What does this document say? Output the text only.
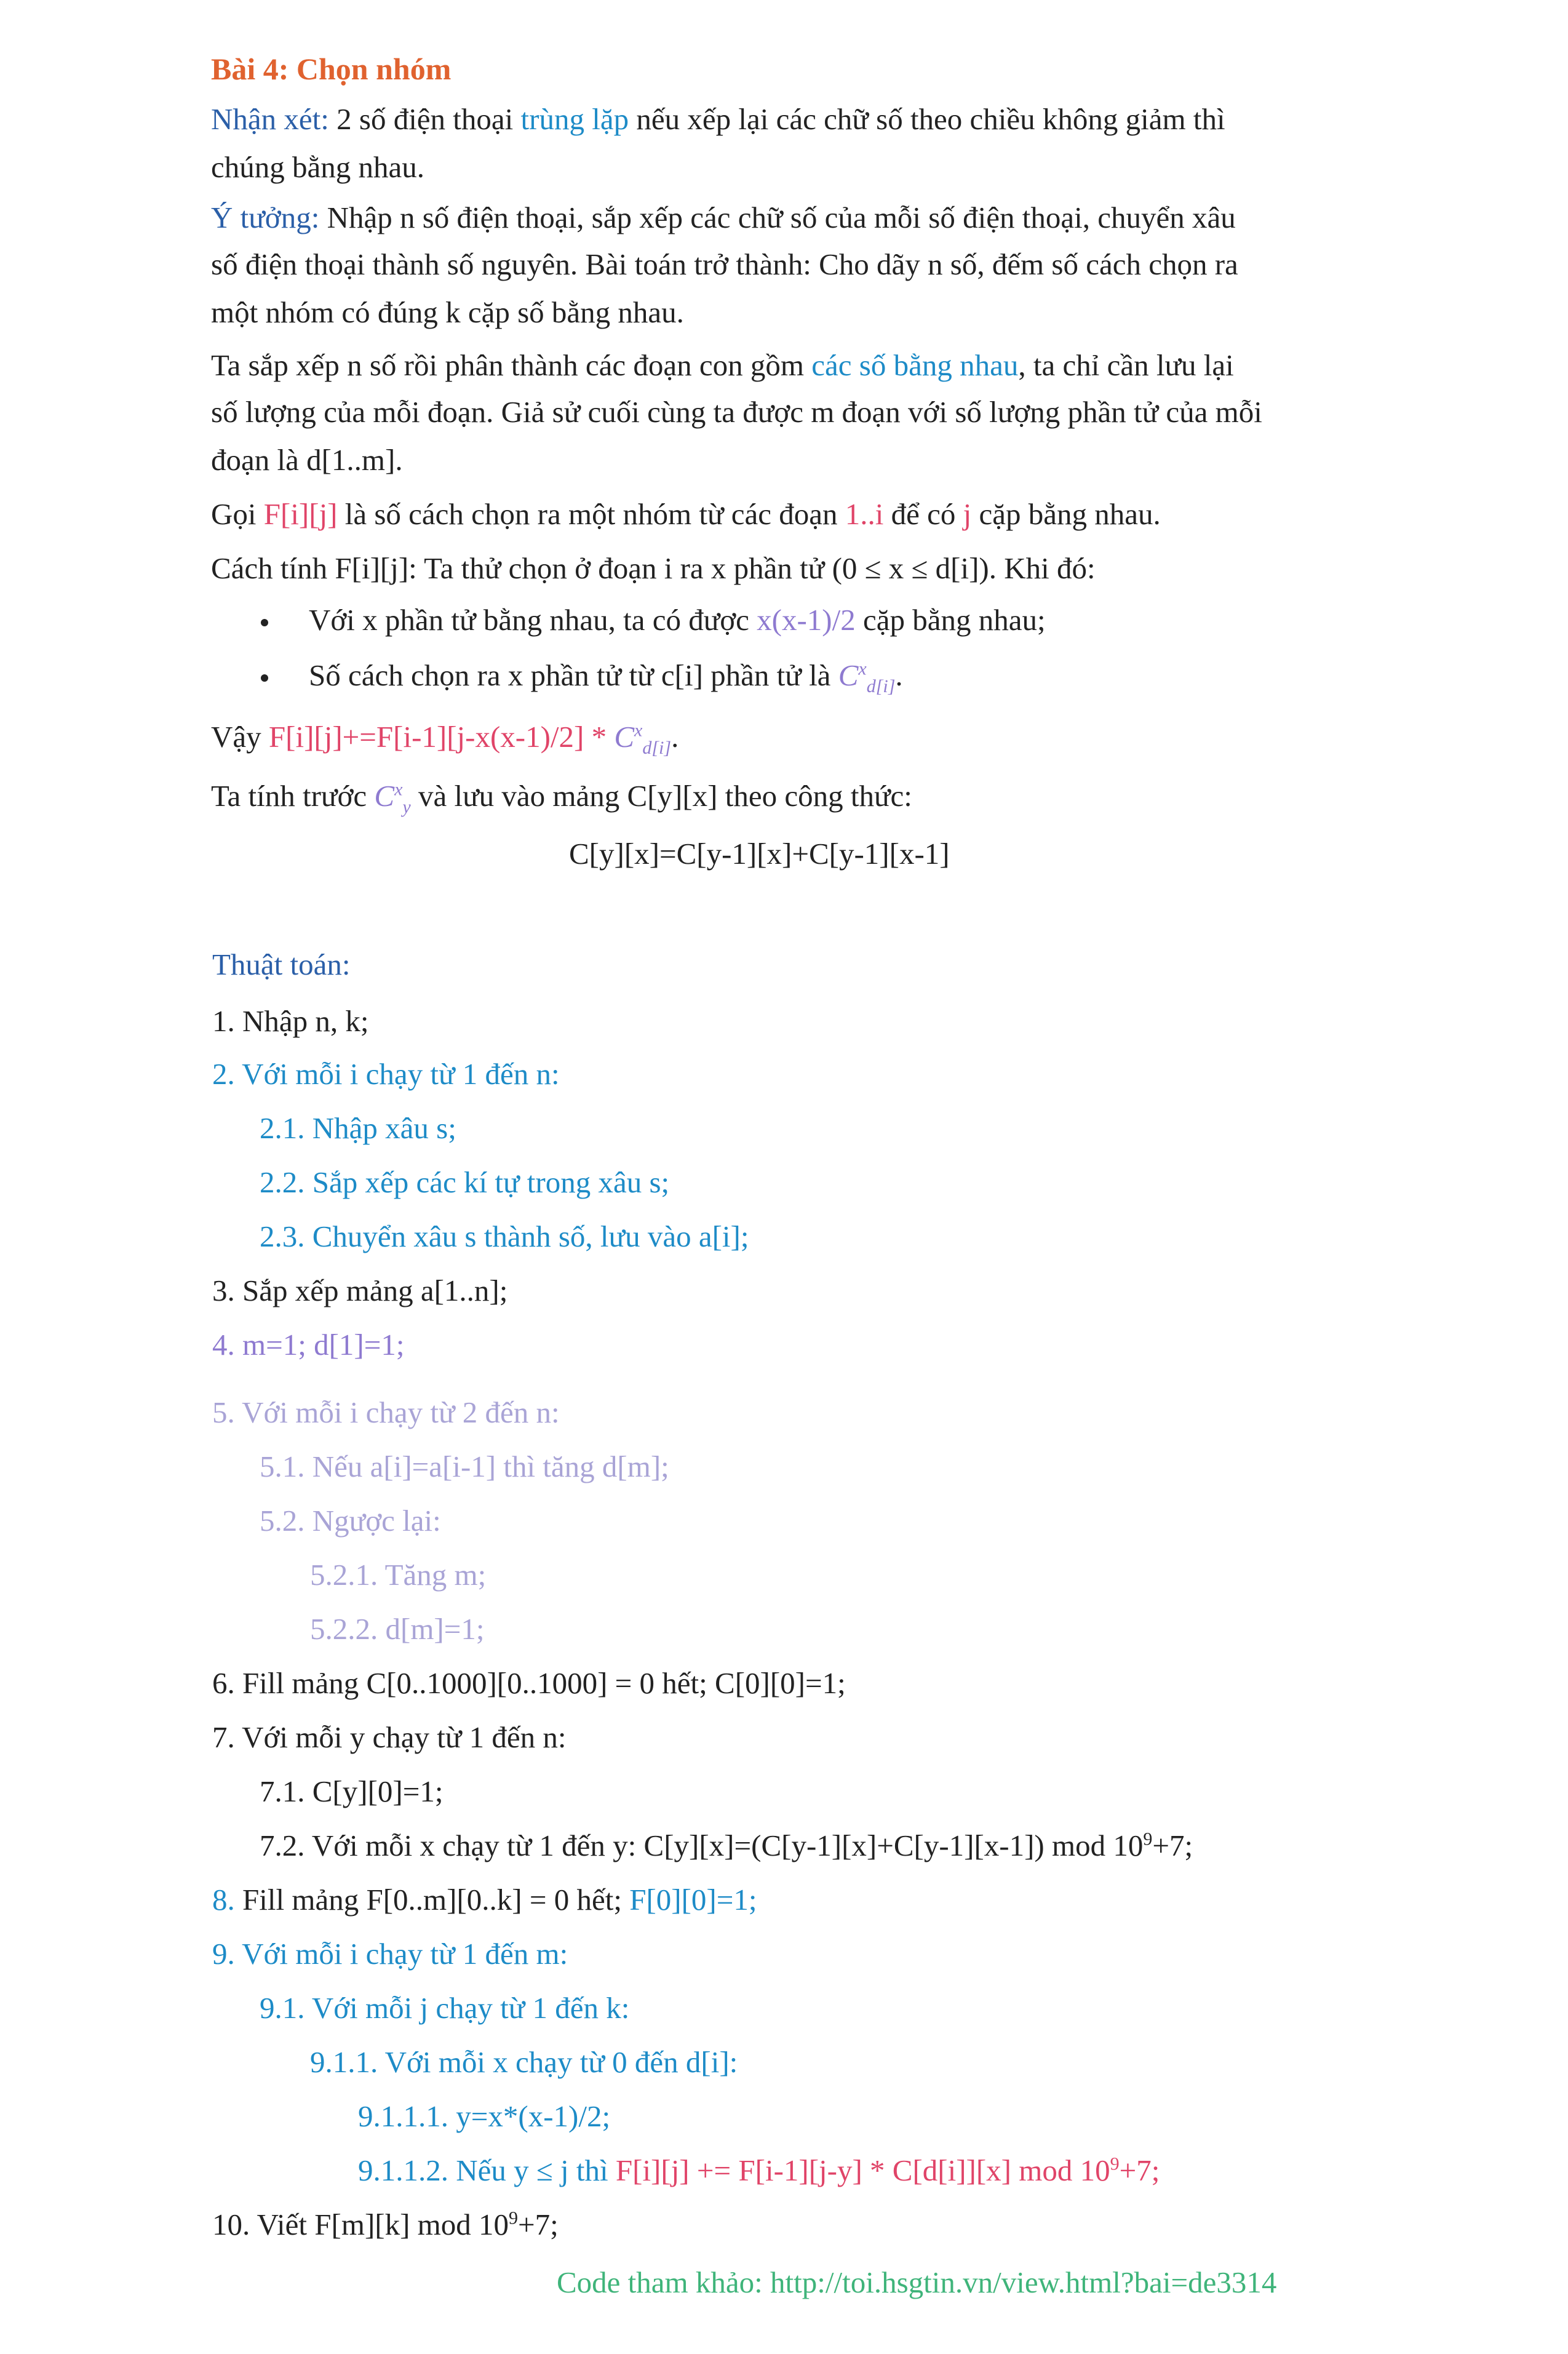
Bài 4: Chọn nhóm
Nhận xét: 2 số điện thoại trùng lặp nếu xếp lại các chữ số theo chiều không giảm thì
chúng bằng nhau.
Ý tưởng: Nhập n số điện thoại, sắp xếp các chữ số của mỗi số điện thoại, chuyển xâu
số điện thoại thành số nguyên. Bài toán trở thành: Cho dãy n số, đếm số cách chọn ra
một nhóm có đúng k cặp số bằng nhau.
Ta sắp xếp n số rồi phân thành các đoạn con gồm các số bằng nhau, ta chỉ cần lưu lại
số lượng của mỗi đoạn. Giả sử cuối cùng ta được m đoạn với số lượng phần tử của mỗi
đoạn là d[1..m].
Gọi F[i][j] là số cách chọn ra một nhóm từ các đoạn 1..i để có j cặp bằng nhau.
Cách tính F[i][j]: Ta thử chọn ở đoạn i ra x phần tử (0 ≤ x ≤ d[i]). Khi đó:
Với x phần tử bằng nhau, ta có được x(x-1)/2 cặp bằng nhau;
Số cách chọn ra x phần tử từ c[i] phần tử là $C^x_{d[i]}$.
Vậy $F[i][j]+=F[i-1][j-x(x-1)/2] * C^x_{d[i]}$.
Ta tính trước $C^x_y$ và lưu vào mảng C[y][x] theo công thức:
C[y][x]=C[y-1][x]+C[y-1][x-1]
Thuật toán:
1. Nhập n, k;
2. Với mỗi i chạy từ 1 đến n:
2.1. Nhập xâu s;
2.2. Sắp xếp các kí tự trong xâu s;
2.3. Chuyển xâu s thành số, lưu vào a[i];
3. Sắp xếp mảng a[1..n];
4. m=1; d[1]=1;
5. Với mỗi i chạy từ 2 đến n:
5.1. Nếu a[i]=a[i-1] thì tăng d[m];
5.2. Ngược lại:
5.2.1. Tăng m;
5.2.2. d[m]=1;
6. Fill mảng C[0..1000][0..1000] = 0 hết; C[0][0]=1;
7. Với mỗi y chạy từ 1 đến n:
7.1. C[y][0]=1;
7.2. Với mỗi x chạy từ 1 đến y: C[y][x]=(C[y-1][x]+C[y-1][x-1]) mod $10^9+7$;
8. Fill mảng F[0..m][0..k] = 0 hết; F[0][0]=1;
9. Với mỗi i chạy từ 1 đến m:
9.1. Với mỗi j chạy từ 1 đến k:
9.1.1. Với mỗi x chạy từ 0 đến d[i]:
9.1.1.1. y=x*(x-1)/2;
9.1.1.2. Nếu y ≤ j thì F[i][j] += F[i-1][j-y] * C[d[i]][x] mod $10^9+7$;
10. Viết F[m][k] mod $10^9+7$;
Code tham khảo: http://toi.hsgtin.vn/view.html?bai=de3314
